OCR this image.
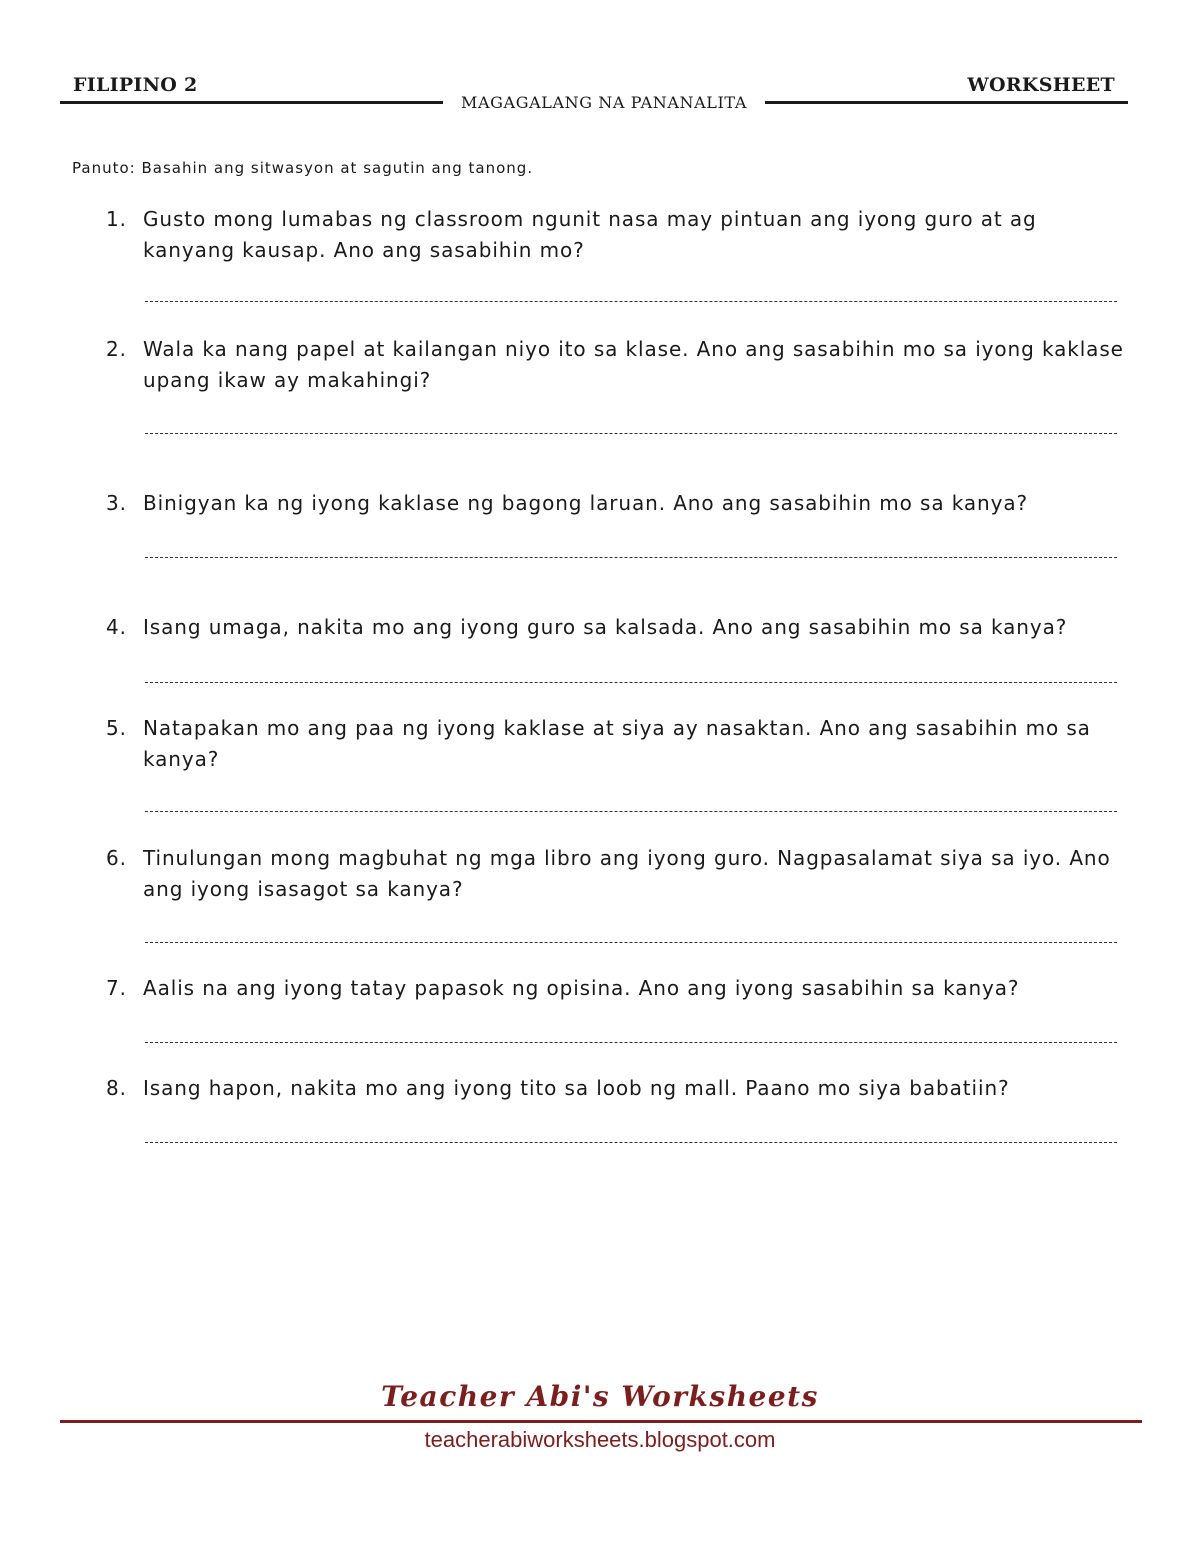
FILIPINO 2	WORKSHEET
MAGAGALANG NA PANANALITA
Panuto: Basahin ang sitwasyon at sagutin ang tanong.
1. Gusto mong lumabas ng classroom ngunit nasa may pintuan ang iyong guro at ag kanyang kausap. Ano ang sasabihin mo?
2. Wala ka nang papel at kailangan niyo ito sa klase. Ano ang sasabihin mo sa iyong kaklase upang ikaw ay makahingi?
3. Binigyan ka ng iyong kaklase ng bagong laruan. Ano ang sasabihin mo sa kanya?
4. Isang umaga, nakita mo ang iyong guro sa kalsada. Ano ang sasabihin mo sa kanya?
5. Natapakan mo ang paa ng iyong kaklase at siya ay nasaktan. Ano ang sasabihin mo sa kanya?
6. Tinulungan mong magbuhat ng mga libro ang iyong guro. Nagpasalamat siya sa iyo. Ano ang iyong isasagot sa kanya?
7. Aalis na ang iyong tatay papasok ng opisina. Ano ang iyong sasabihin sa kanya?
8. Isang hapon, nakita mo ang iyong tito sa loob ng mall. Paano mo siya babatiin?
Teacher Abi's Worksheets
teacherabiworksheets.blogspot.com
